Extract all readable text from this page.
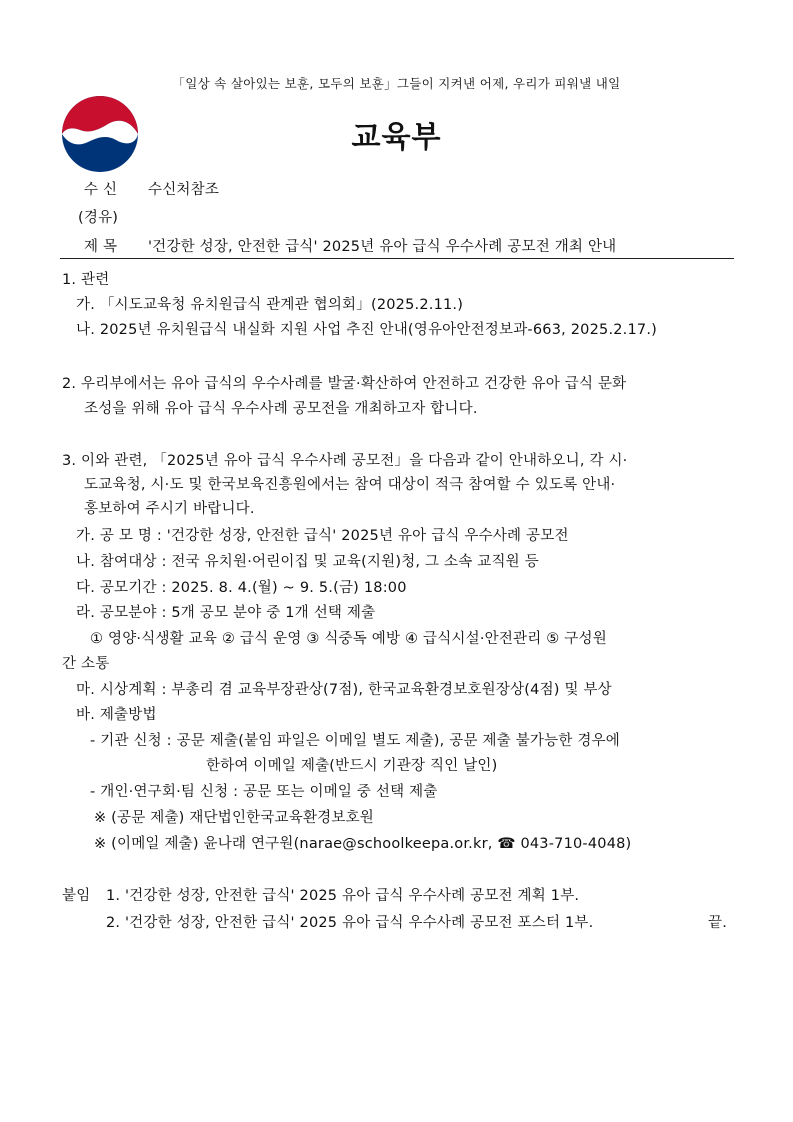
「일상 속 살아있는 보훈, 모두의 보훈」그들이 지켜낸 어제, 우리가 피워낼 내일
교육부
수 신 수신처참조
(경유)
제 목 '건강한 성장, 안전한 급식' 2025년 유아 급식 우수사례 공모전 개최 안내
1. 관련
가. 「시도교육청 유치원급식 관계관 협의회」(2025.2.11.)
나. 2025년 유치원급식 내실화 지원 사업 추진 안내(영유아안전정보과-663, 2025.2.17.)
2. 우리부에서는 유아 급식의 우수사례를 발굴·확산하여 안전하고 건강한 유아 급식 문화
조성을 위해 유아 급식 우수사례 공모전을 개최하고자 합니다.
3. 이와 관련, 「2025년 유아 급식 우수사례 공모전」을 다음과 같이 안내하오니, 각 시·
도교육청, 시·도 및 한국보육진흥원에서는 참여 대상이 적극 참여할 수 있도록 안내·
홍보하여 주시기 바랍니다.
가. 공 모 명 : '건강한 성장, 안전한 급식' 2025년 유아 급식 우수사례 공모전
나. 참여대상 : 전국 유치원·어린이집 및 교육(지원)청, 그 소속 교직원 등
다. 공모기간 : 2025. 8. 4.(월) ~ 9. 5.(금) 18:00
라. 공모분야 : 5개 공모 분야 중 1개 선택 제출
① 영양·식생활 교육 ② 급식 운영 ③ 식중독 예방 ④ 급식시설·안전관리 ⑤ 구성원
간 소통
마. 시상계획 : 부총리 겸 교육부장관상(7점), 한국교육환경보호원장상(4점) 및 부상
바. 제출방법
- 기관 신청 : 공문 제출(붙임 파일은 이메일 별도 제출), 공문 제출 불가능한 경우에
한하여 이메일 제출(반드시 기관장 직인 날인)
- 개인·연구회·팀 신청 : 공문 또는 이메일 중 선택 제출
※ (공문 제출) 재단법인한국교육환경보호원
※ (이메일 제출) 윤나래 연구원(narae@schoolkeepa.or.kr, ☎ 043-710-4048)
붙임 1. '건강한 성장, 안전한 급식' 2025 유아 급식 우수사례 공모전 계획 1부.
2. '건강한 성장, 안전한 급식' 2025 유아 급식 우수사례 공모전 포스터 1부.	끝.
